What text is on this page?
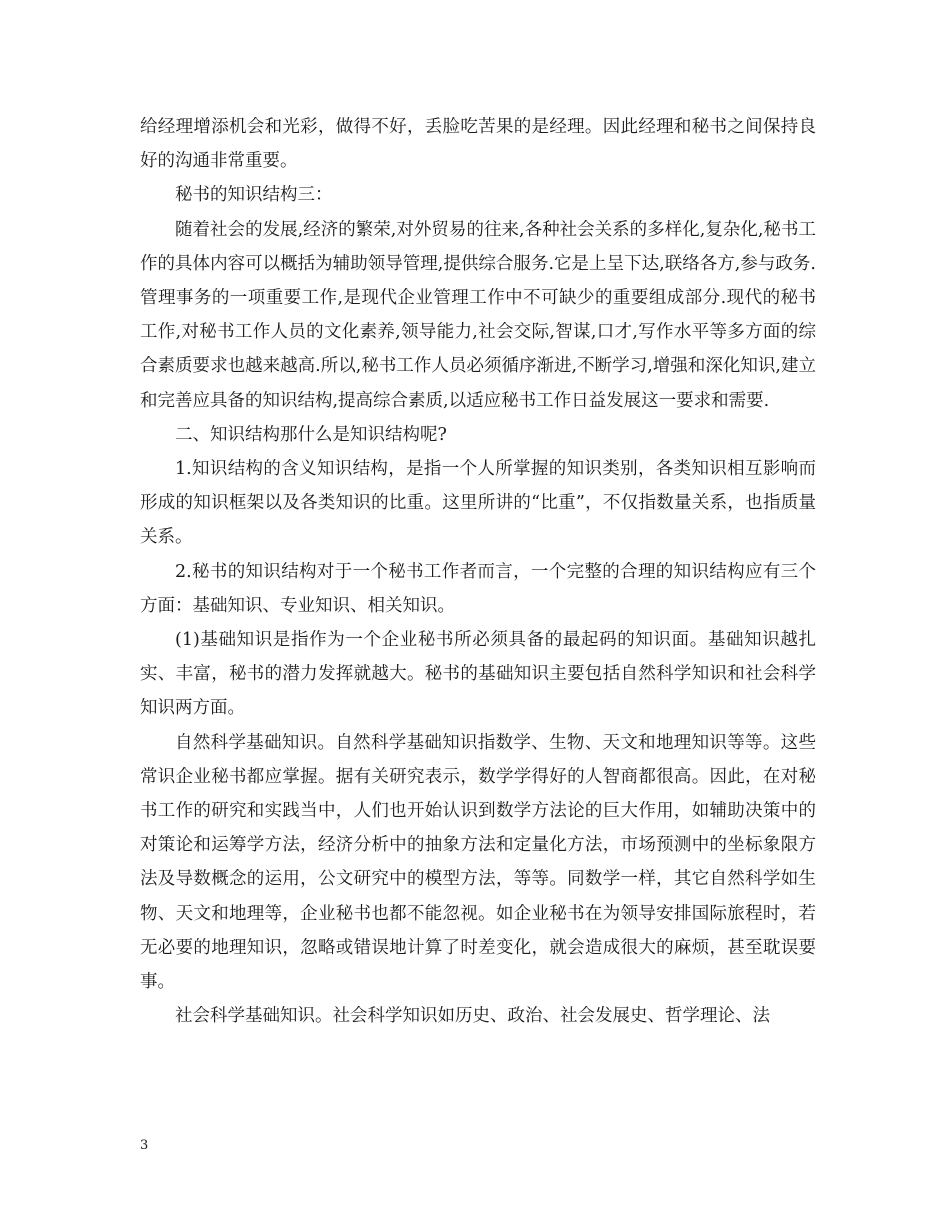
给经理增添机会和光彩，做得不好，丢脸吃苦果的是经理。因此经理和秘书之间保持良好的沟通非常重要。

秘书的知识结构三：

随着社会的发展,经济的繁荣,对外贸易的往来,各种社会关系的多样化,复杂化,秘书工作的具体内容可以概括为辅助领导管理,提供综合服务.它是上呈下达,联络各方,参与政务.管理事务的一项重要工作,是现代企业管理工作中不可缺少的重要组成部分.现代的秘书工作,对秘书工作人员的文化素养,领导能力,社会交际,智谋,口才,写作水平等多方面的综合素质要求也越来越高.所以,秘书工作人员必须循序渐进,不断学习,增强和深化知识,建立和完善应具备的知识结构,提高综合素质,以适应秘书工作日益发展这一要求和需要.

二、知识结构那什么是知识结构呢?

1.知识结构的含义知识结构，是指一个人所掌握的知识类别，各类知识相互影响而形成的知识框架以及各类知识的比重。这里所讲的“比重”，不仅指数量关系，也指质量关系。

2.秘书的知识结构对于一个秘书工作者而言，一个完整的合理的知识结构应有三个方面：基础知识、专业知识、相关知识。

(1)基础知识是指作为一个企业秘书所必须具备的最起码的知识面。基础知识越扎实、丰富，秘书的潜力发挥就越大。秘书的基础知识主要包括自然科学知识和社会科学知识两方面。

自然科学基础知识。自然科学基础知识指数学、生物、天文和地理知识等等。这些常识企业秘书都应掌握。据有关研究表示，数学学得好的人智商都很高。因此，在对秘书工作的研究和实践当中，人们也开始认识到数学方法论的巨大作用，如辅助决策中的对策论和运筹学方法，经济分析中的抽象方法和定量化方法，市场预测中的坐标象限方法及导数概念的运用，公文研究中的模型方法，等等。同数学一样，其它自然科学如生物、天文和地理等，企业秘书也都不能忽视。如企业秘书在为领导安排国际旅程时，若无必要的地理知识，忽略或错误地计算了时差变化，就会造成很大的麻烦，甚至耽误要事。

社会科学基础知识。社会科学知识如历史、政治、社会发展史、哲学理论、法

3
